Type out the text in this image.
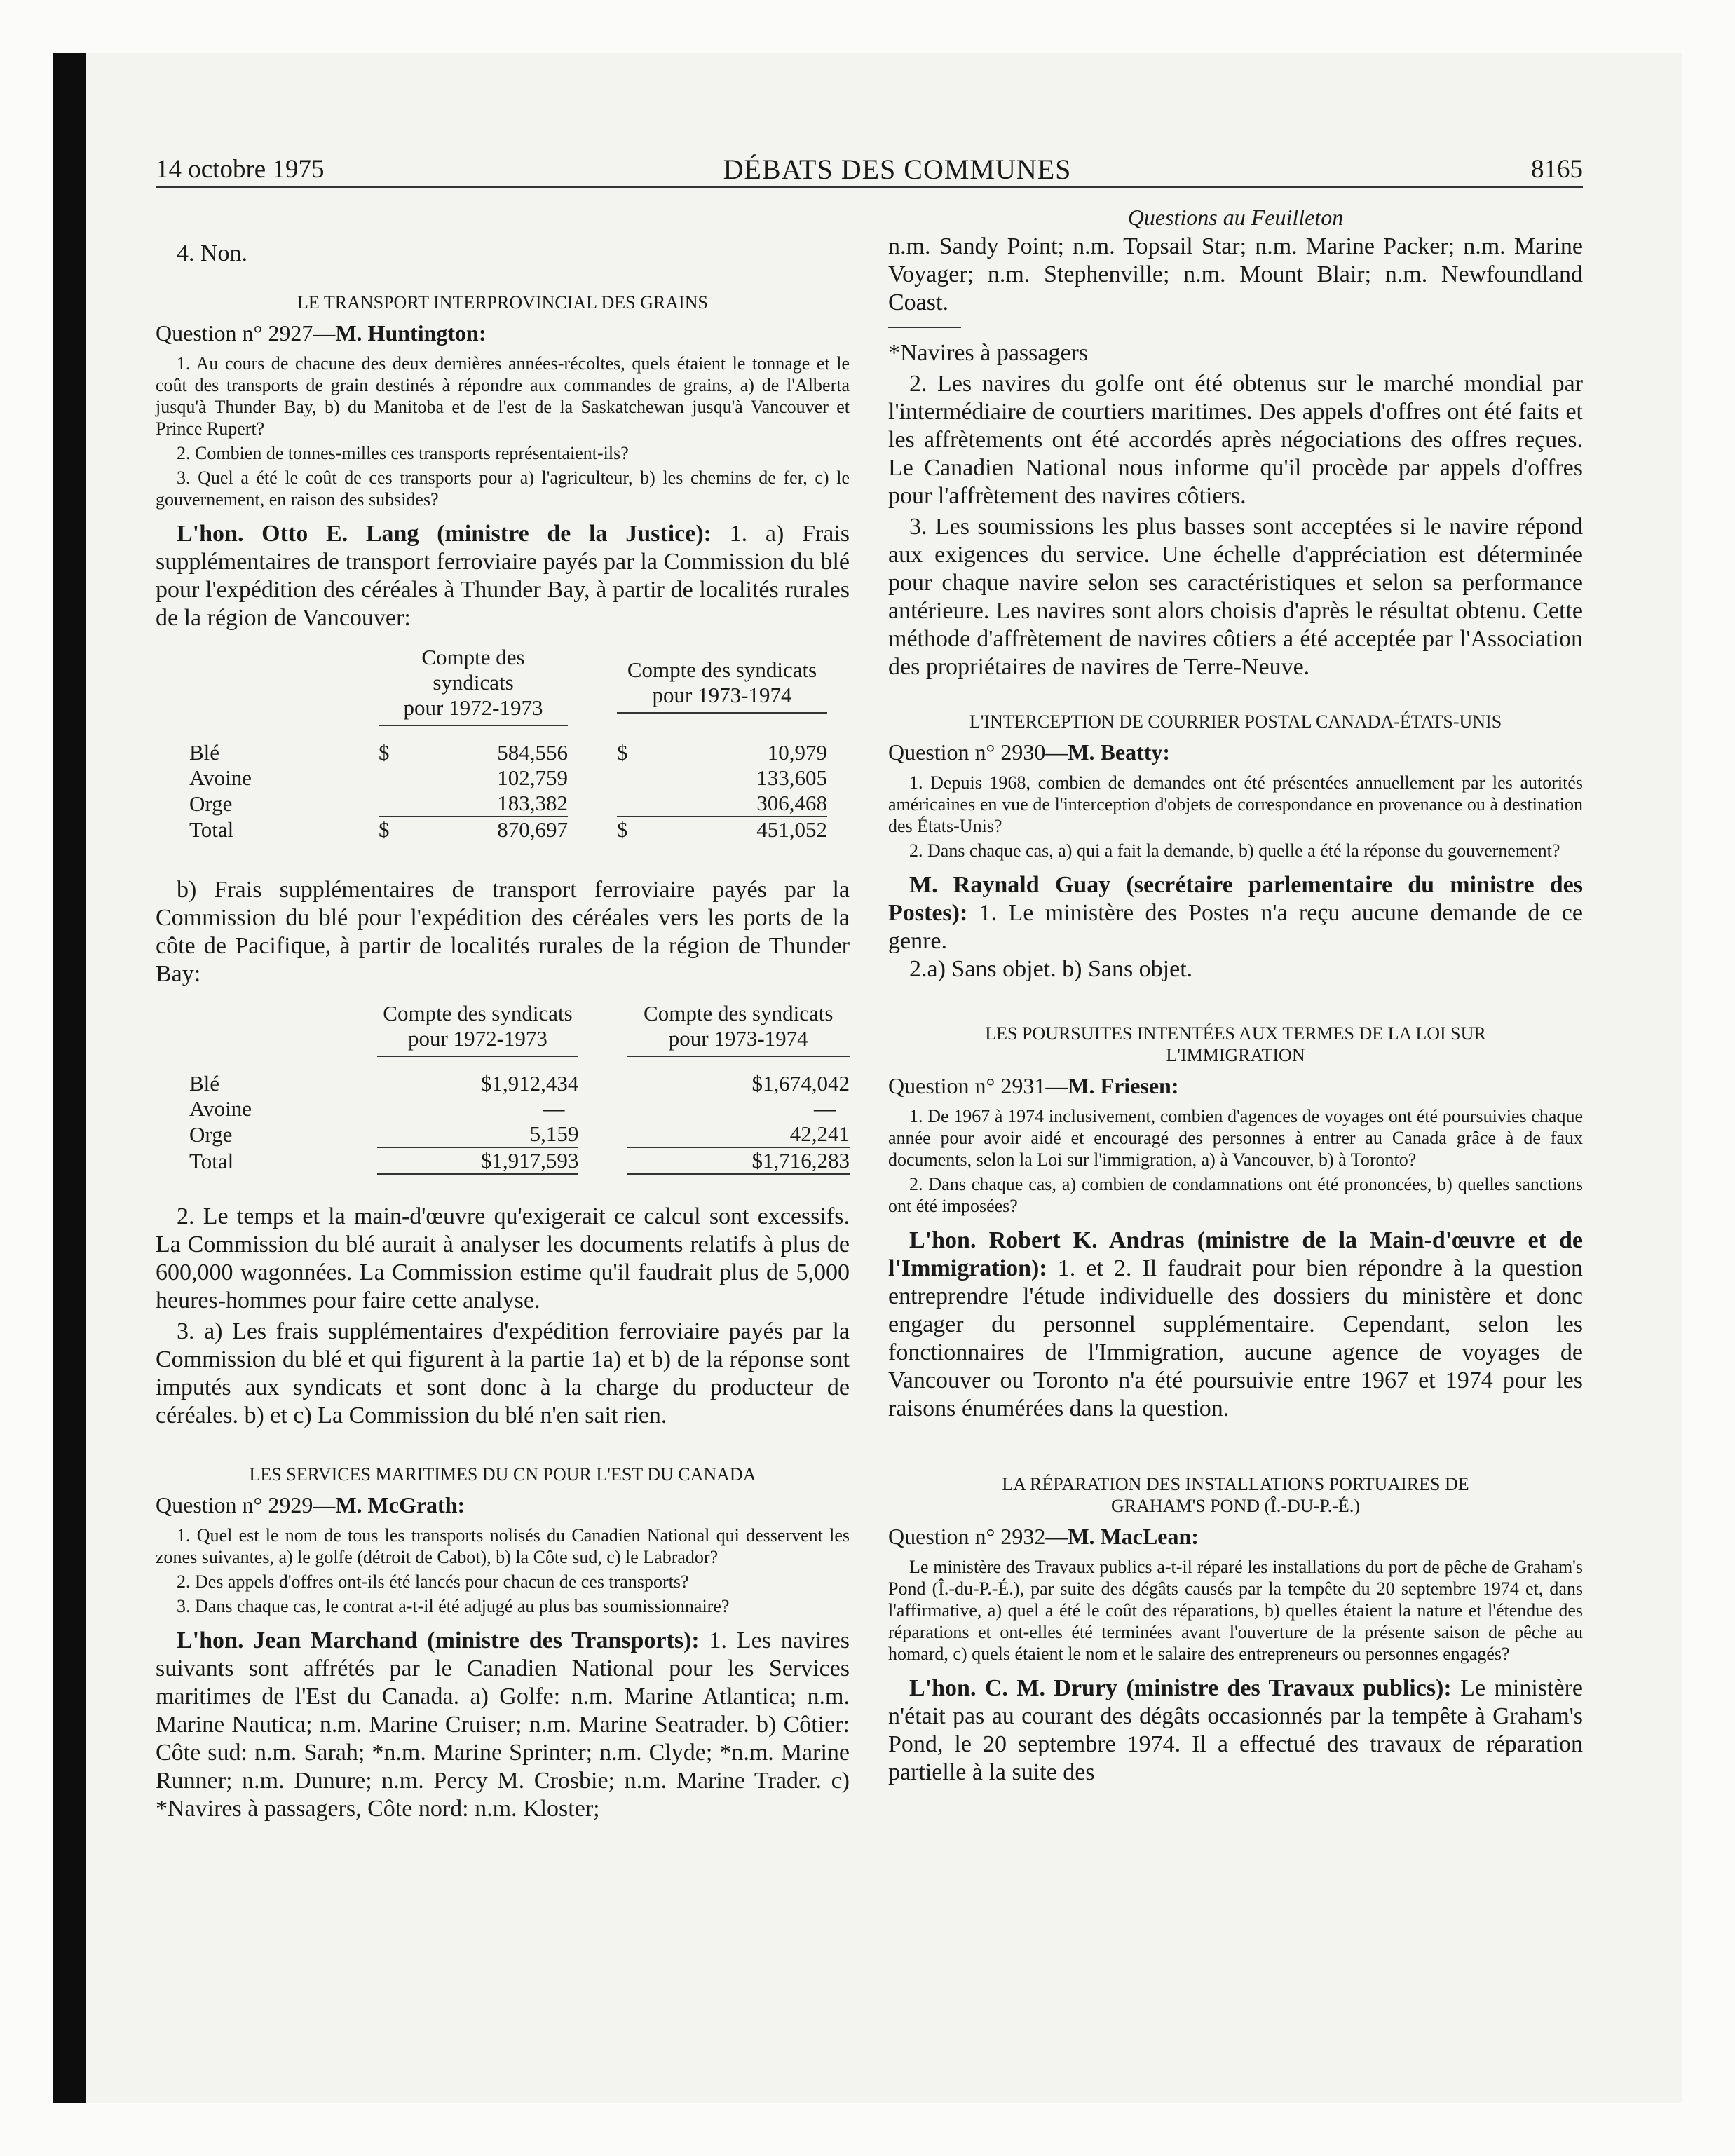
14 octobre 1975	DÉBATS DES COMMUNES	8165

4. Non.

LE TRANSPORT INTERPROVINCIAL DES GRAINS

Question n° 2927—M. Huntington:

1. Au cours de chacune des deux dernières années-récoltes, quels étaient le tonnage et le coût des transports de grain destinés à répondre aux commandes de grains, a) de l'Alberta jusqu'à Thunder Bay, b) du Manitoba et de l'est de la Saskatchewan jusqu'à Vancouver et Prince Rupert?

2. Combien de tonnes-milles ces transports représentaient-ils?

3. Quel a été le coût de ces transports pour a) l'agriculteur, b) les chemins de fer, c) le gouvernement, en raison des subsides?

L'hon. Otto E. Lang (ministre de la Justice): 1. a) Frais supplémentaires de transport ferroviaire payés par la Commission du blé pour l'expédition des céréales à Thunder Bay, à partir de localités rurales de la région de Vancouver:

	Compte des syndicats
pour 1972-1973		Compte des syndicats
pour 1973-1974

Blé	$ 584,556		$ 10,979

Avoine	102,759		133,605

Orge	183,382		306,468

Total	$ 870,697		$ 451,052

b) Frais supplémentaires de transport ferroviaire payés par la Commission du blé pour l'expédition des céréales vers les ports de la côte de Pacifique, à partir de localités rurales de la région de Thunder Bay:

	Compte des syndicats
pour 1972-1973		Compte des syndicats
pour 1973-1974

Blé	$1,912,434		$1,674,042
Avoine	—		—
Orge	5,159		42,241
Total	$1,917,593		$1,716,283

2. Le temps et la main-d'œuvre qu'exigerait ce calcul sont excessifs. La Commission du blé aurait à analyser les documents relatifs à plus de 600,000 wagonnées. La Commission estime qu'il faudrait plus de 5,000 heures-hommes pour faire cette analyse.

3. a) Les frais supplémentaires d'expédition ferroviaire payés par la Commission du blé et qui figurent à la partie 1a) et b) de la réponse sont imputés aux syndicats et sont donc à la charge du producteur de céréales. b) et c) La Commission du blé n'en sait rien.

LES SERVICES MARITIMES DU CN POUR L'EST DU CANADA

Question n° 2929—M. McGrath:

1. Quel est le nom de tous les transports nolisés du Canadien National qui desservent les zones suivantes, a) le golfe (détroit de Cabot), b) la Côte sud, c) le Labrador?

2. Des appels d'offres ont-ils été lancés pour chacun de ces transports?

3. Dans chaque cas, le contrat a-t-il été adjugé au plus bas soumissionnaire?

L'hon. Jean Marchand (ministre des Transports): 1. Les navires suivants sont affrétés par le Canadien National pour les Services maritimes de l'Est du Canada. a) Golfe: n.m. Marine Atlantica; n.m. Marine Nautica; n.m. Marine Cruiser; n.m. Marine Seatrader. b) Côtier: Côte sud: n.m. Sarah; *n.m. Marine Sprinter; n.m. Clyde; *n.m. Marine Runner; n.m. Dunure; n.m. Percy M. Crosbie; n.m. Marine Trader. c) *Navires à passagers, Côte nord: n.m. Kloster;

Questions au Feuilleton

n.m. Sandy Point; n.m. Topsail Star; n.m. Marine Packer; n.m. Marine Voyager; n.m. Stephenville; n.m. Mount Blair; n.m. Newfoundland Coast.

*Navires à passagers

2. Les navires du golfe ont été obtenus sur le marché mondial par l'intermédiaire de courtiers maritimes. Des appels d'offres ont été faits et les affrètements ont été accordés après négociations des offres reçues. Le Canadien National nous informe qu'il procède par appels d'offres pour l'affrètement des navires côtiers.

3. Les soumissions les plus basses sont acceptées si le navire répond aux exigences du service. Une échelle d'appréciation est déterminée pour chaque navire selon ses caractéristiques et selon sa performance antérieure. Les navires sont alors choisis d'après le résultat obtenu. Cette méthode d'affrètement de navires côtiers a été acceptée par l'Association des propriétaires de navires de Terre-Neuve.

L'INTERCEPTION DE COURRIER POSTAL CANADA-ÉTATS-UNIS

Question n° 2930—M. Beatty:

1. Depuis 1968, combien de demandes ont été présentées annuellement par les autorités américaines en vue de l'interception d'objets de correspondance en provenance ou à destination des États-Unis?

2. Dans chaque cas, a) qui a fait la demande, b) quelle a été la réponse du gouvernement?

M. Raynald Guay (secrétaire parlementaire du ministre des Postes): 1. Le ministère des Postes n'a reçu aucune demande de ce genre.

2.a) Sans objet. b) Sans objet.

LES POURSUITES INTENTÉES AUX TERMES DE LA LOI SUR
L'IMMIGRATION

Question n° 2931—M. Friesen:

1. De 1967 à 1974 inclusivement, combien d'agences de voyages ont été poursuivies chaque année pour avoir aidé et encouragé des personnes à entrer au Canada grâce à de faux documents, selon la Loi sur l'immigration, a) à Vancouver, b) à Toronto?

2. Dans chaque cas, a) combien de condamnations ont été prononcées, b) quelles sanctions ont été imposées?

L'hon. Robert K. Andras (ministre de la Main-d'œuvre et de l'Immigration): 1. et 2. Il faudrait pour bien répondre à la question entreprendre l'étude individuelle des dossiers du ministère et donc engager du personnel supplémentaire. Cependant, selon les fonctionnaires de l'Immigration, aucune agence de voyages de Vancouver ou Toronto n'a été poursuivie entre 1967 et 1974 pour les raisons énumérées dans la question.

LA RÉPARATION DES INSTALLATIONS PORTUAIRES DE
GRAHAM'S POND (Î.-DU-P.-É.)

Question n° 2932—M. MacLean:

Le ministère des Travaux publics a-t-il réparé les installations du port de pêche de Graham's Pond (Î.-du-P.-É.), par suite des dégâts causés par la tempête du 20 septembre 1974 et, dans l'affirmative, a) quel a été le coût des réparations, b) quelles étaient la nature et l'étendue des réparations et ont-elles été terminées avant l'ouverture de la présente saison de pêche au homard, c) quels étaient le nom et le salaire des entrepreneurs ou personnes engagés?

L'hon. C. M. Drury (ministre des Travaux publics): Le ministère n'était pas au courant des dégâts occasionnés par la tempête à Graham's Pond, le 20 septembre 1974. Il a effectué des travaux de réparation partielle à la suite des
